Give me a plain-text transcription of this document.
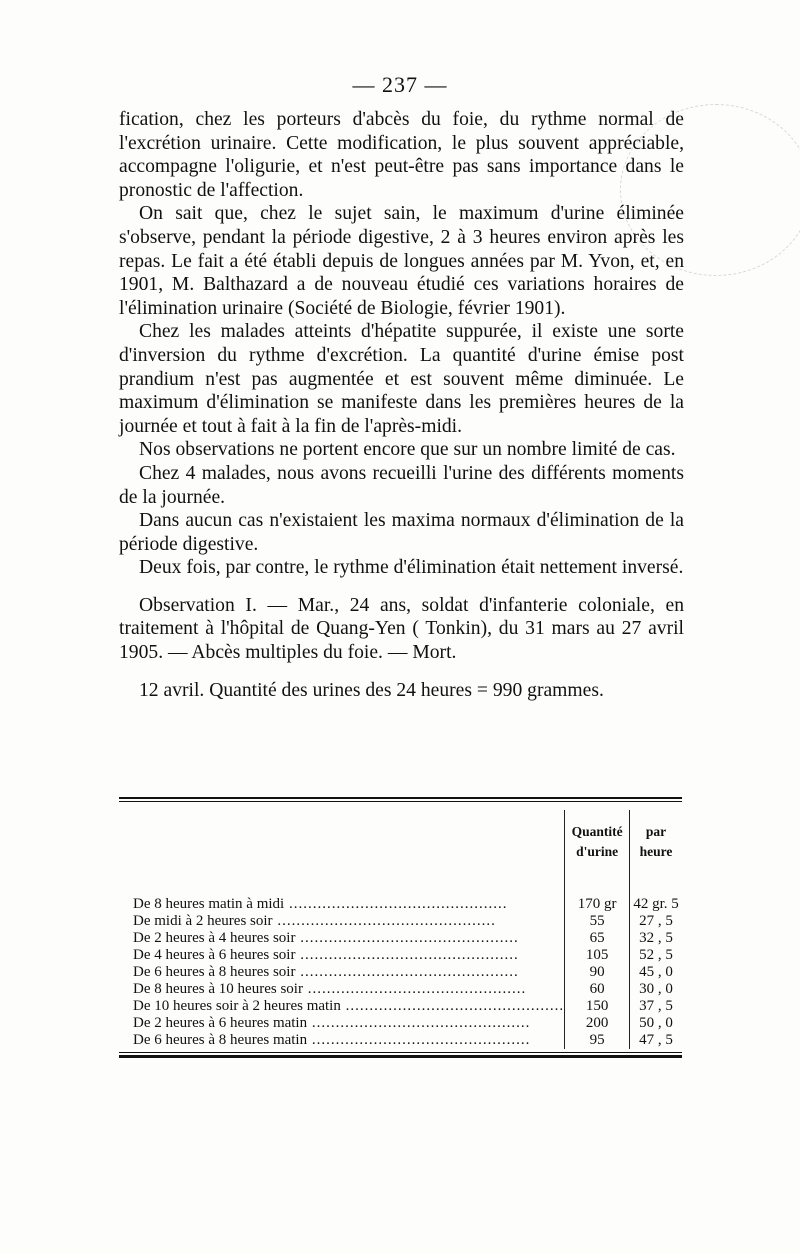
— 237 —

fication, chez les porteurs d'abcès du foie, du rythme normal de l'excrétion urinaire. Cette modification, le plus souvent appréciable, accompagne l'oligurie, et n'est peut-être pas sans importance dans le pronostic de l'affection.

On sait que, chez le sujet sain, le maximum d'urine éliminée s'observe, pendant la période digestive, 2 à 3 heures environ après les repas. Le fait a été établi depuis de longues années par M. Yvon, et, en 1901, M. Balthazard a de nouveau étudié ces variations horaires de l'élimination urinaire (Société de Biologie, février 1901).

Chez les malades atteints d'hépatite suppurée, il existe une sorte d'inversion du rythme d'excrétion. La quantité d'urine émise post prandium n'est pas augmentée et est souvent même diminuée. Le maximum d'élimination se manifeste dans les premières heures de la journée et tout à fait à la fin de l'après-midi.

Nos observations ne portent encore que sur un nombre limité de cas.

Chez 4 malades, nous avons recueilli l'urine des différents moments de la journée.

Dans aucun cas n'existaient les maxima normaux d'élimination de la période digestive.

Deux fois, par contre, le rythme d'élimination était nettement inversé.

Observation I. — Mar., 24 ans, soldat d'infanterie coloniale, en traitement à l'hôpital de Quang-Yen ( Tonkin), du 31 mars au 27 avril 1905. — Abcès multiples du foie. — Mort.

12 avril. Quantité des urines des 24 heures = 990 grammes.

	Quantité d'urine	par heure

De 8 heures matin à midi ..............................................	170 gr	42 gr. 5
De midi à 2 heures soir ..............................................	55	27 , 5
De 2 heures à 4 heures soir ..............................................	65	32 , 5
De 4 heures à 6 heures soir ..............................................	105	52 , 5
De 6 heures à 8 heures soir ..............................................	90	45 , 0
De 8 heures à 10 heures soir ..............................................	60	30 , 0
De 10 heures soir à 2 heures matin ..............................................	150	37 , 5
De 2 heures à 6 heures matin ..............................................	200	50 , 0
De 6 heures à 8 heures matin ..............................................	95	47 , 5
